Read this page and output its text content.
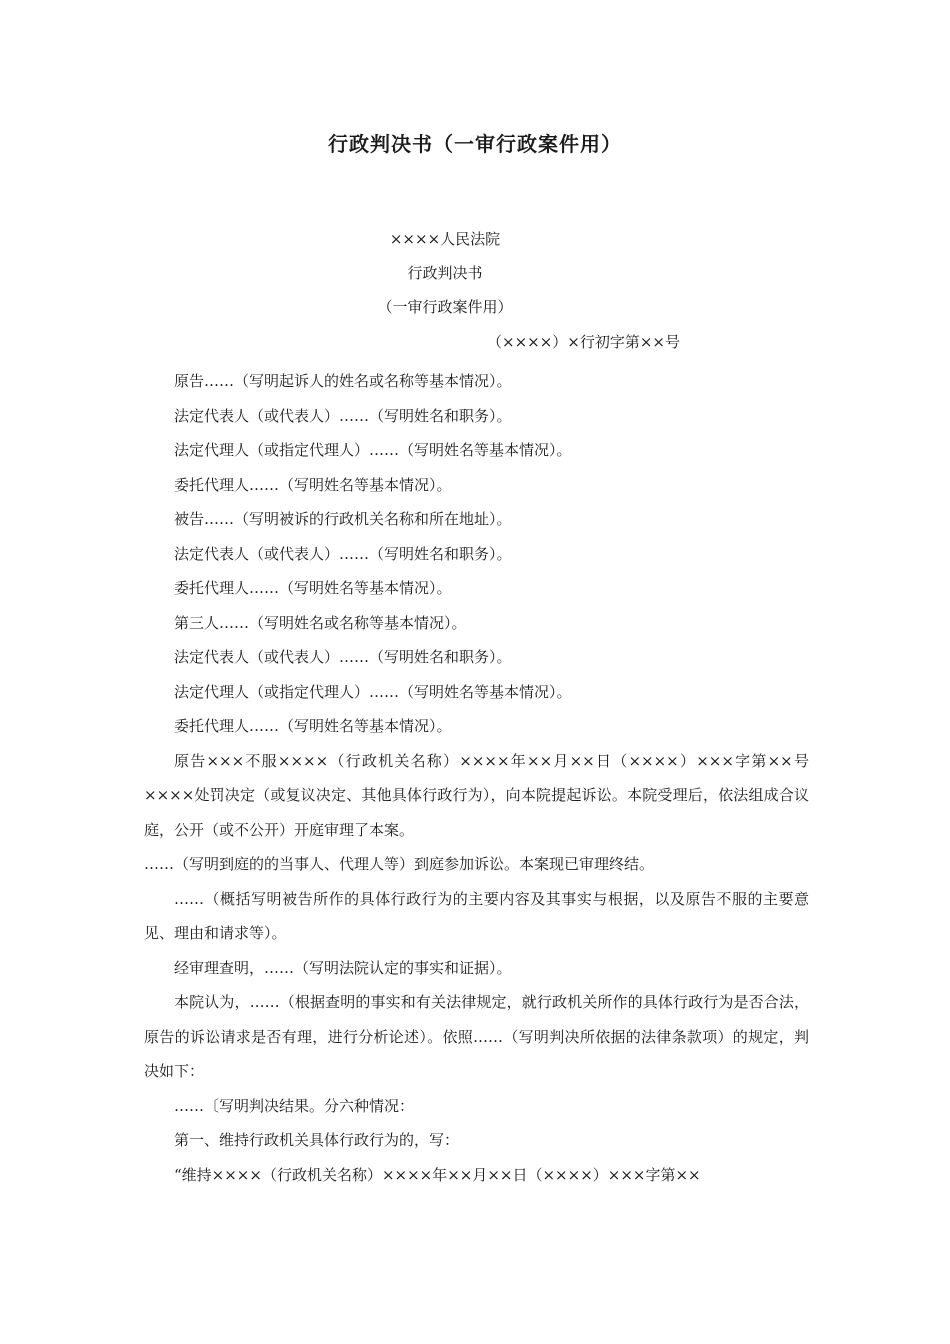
行政判决书（一审行政案件用）

××××人民法院

行政判决书

（一审行政案件用）

（××××）×行初字第××号

原告……（写明起诉人的姓名或名称等基本情况）。

法定代表人（或代表人）……（写明姓名和职务）。

法定代理人（或指定代理人）……（写明姓名等基本情况）。

委托代理人……（写明姓名等基本情况）。

被告……（写明被诉的行政机关名称和所在地址）。

法定代表人（或代表人）……（写明姓名和职务）。

委托代理人……（写明姓名等基本情况）。

第三人……（写明姓名或名称等基本情况）。

法定代表人（或代表人）……（写明姓名和职务）。

法定代理人（或指定代理人）……（写明姓名等基本情况）。

委托代理人……（写明姓名等基本情况）。

原告×××不服××××（行政机关名称）××××年××月××日（××××）×××字第××号××××处罚决定（或复议决定、其他具体行政行为），向本院提起诉讼。本院受理后，依法组成合议庭，公开（或不公开）开庭审理了本案。

……（写明到庭的的当事人、代理人等）到庭参加诉讼。本案现已审理终结。

……（概括写明被告所作的具体行政行为的主要内容及其事实与根据，以及原告不服的主要意见、理由和请求等）。

经审理查明，……（写明法院认定的事实和证据）。

本院认为，……（根据查明的事实和有关法律规定，就行政机关所作的具体行政行为是否合法，原告的诉讼请求是否有理，进行分析论述）。依照……（写明判决所依据的法律条款项）的规定，判决如下：

……〔写明判决结果。分六种情况：

第一、维持行政机关具体行政行为的，写：

“维持××××（行政机关名称）××××年××月××日（××××）×××字第××
